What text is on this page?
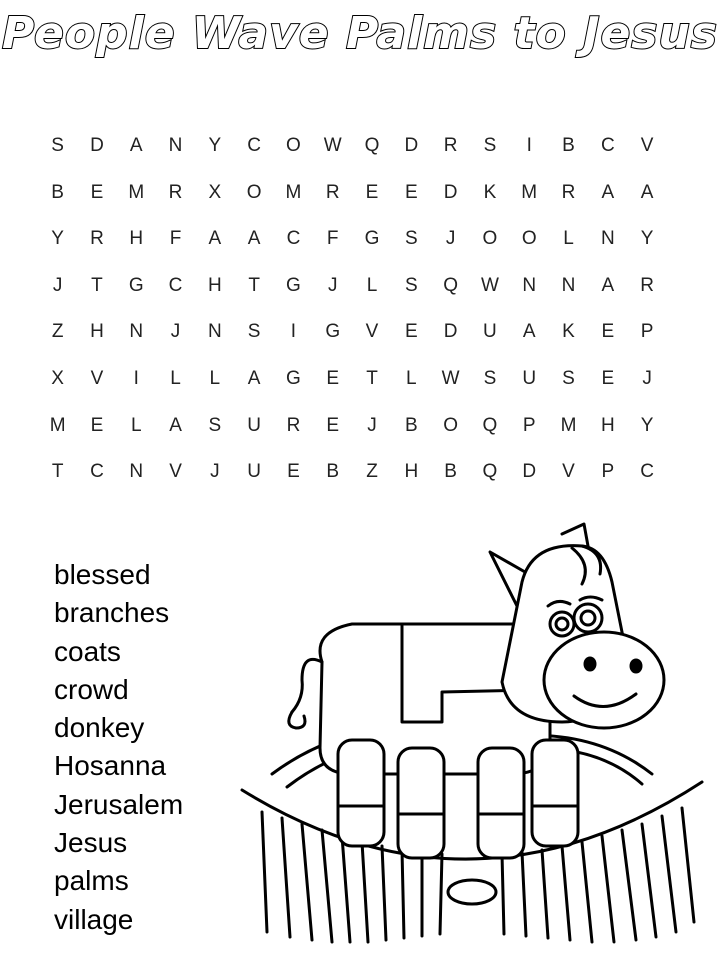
People Wave Palms to Jesus
S	D	A	N	Y	C	O	W	Q	D	R	S	I	B	C	V
B	E	M	R	X	O	M	R	E	E	D	K	M	R	A	A
Y	R	H	F	A	A	C	F	G	S	J	O	O	L	N	Y
J	T	G	C	H	T	G	J	L	S	Q	W	N	N	A	R
Z	H	N	J	N	S	I	G	V	E	D	U	A	K	E	P
X	V	I	L	L	A	G	E	T	L	W	S	U	S	E	J
M	E	L	A	S	U	R	E	J	B	O	Q	P	M	H	Y
T	C	N	V	J	U	E	B	Z	H	B	Q	D	V	P	C
blessed
branches
coats
crowd
donkey
Hosanna
Jerusalem
Jesus
palms
village
